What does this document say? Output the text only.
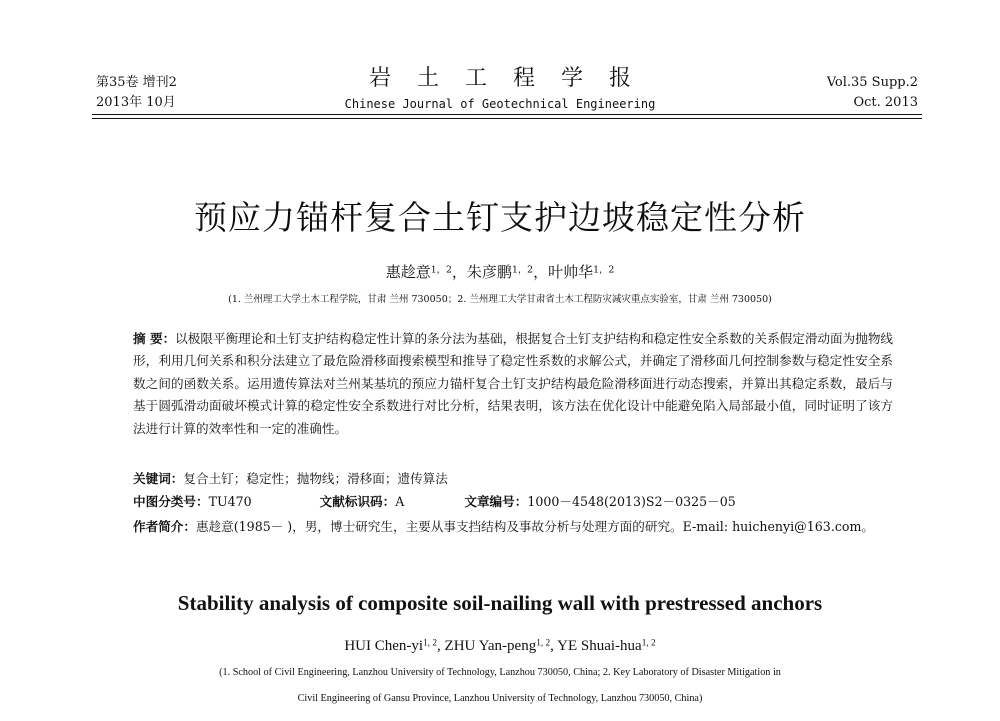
第35卷 增刊2
2013年 10月
岩土工程学报
Chinese Journal of Geotechnical Engineering
Vol.35 Supp.2
Oct. 2013
预应力锚杆复合土钉支护边坡稳定性分析
惠趁意$^{1,2}$，朱彦鹏$^{1,2}$，叶帅华$^{1,2}$
(1. 兰州理工大学土木工程学院，甘肃 兰州 730050；2. 兰州理工大学甘肃省土木工程防灾减灾重点实验室，甘肃 兰州 730050)
摘 要：以极限平衡理论和土钉支护结构稳定性计算的条分法为基础，根据复合土钉支护结构和稳定性安全系数的关系假定滑动面为抛物线形，利用几何关系和积分法建立了最危险滑移面搜索模型和推导了稳定性系数的求解公式，并确定了滑移面几何控制参数与稳定性安全系数之间的函数关系。运用遗传算法对兰州某基坑的预应力锚杆复合土钉支护结构最危险滑移面进行动态搜索，并算出其稳定系数，最后与基于圆弧滑动面破坏模式计算的稳定性安全系数进行对比分析，结果表明，该方法在优化设计中能避免陷入局部最小值，同时证明了该方法进行计算的效率性和一定的准确性。
关键词：复合土钉；稳定性；抛物线；滑移面；遗传算法
中图分类号：TU470	文献标识码：A	文章编号：1000－4548(2013)S2－0325－05
作者简介：惠趁意(1985－ )，男，博士研究生，主要从事支挡结构及事故分析与处理方面的研究。E-mail: huichenyi@163.com。
Stability analysis of composite soil-nailing wall with prestressed anchors
HUI Chen-yi$^{1, 2}$, ZHU Yan-peng$^{1, 2}$, YE Shuai-hua$^{1, 2}$
(1. School of Civil Engineering, Lanzhou University of Technology, Lanzhou 730050, China; 2. Key Laboratory of Disaster Mitigation in
Civil Engineering of Gansu Province, Lanzhou University of Technology, Lanzhou 730050, China)
